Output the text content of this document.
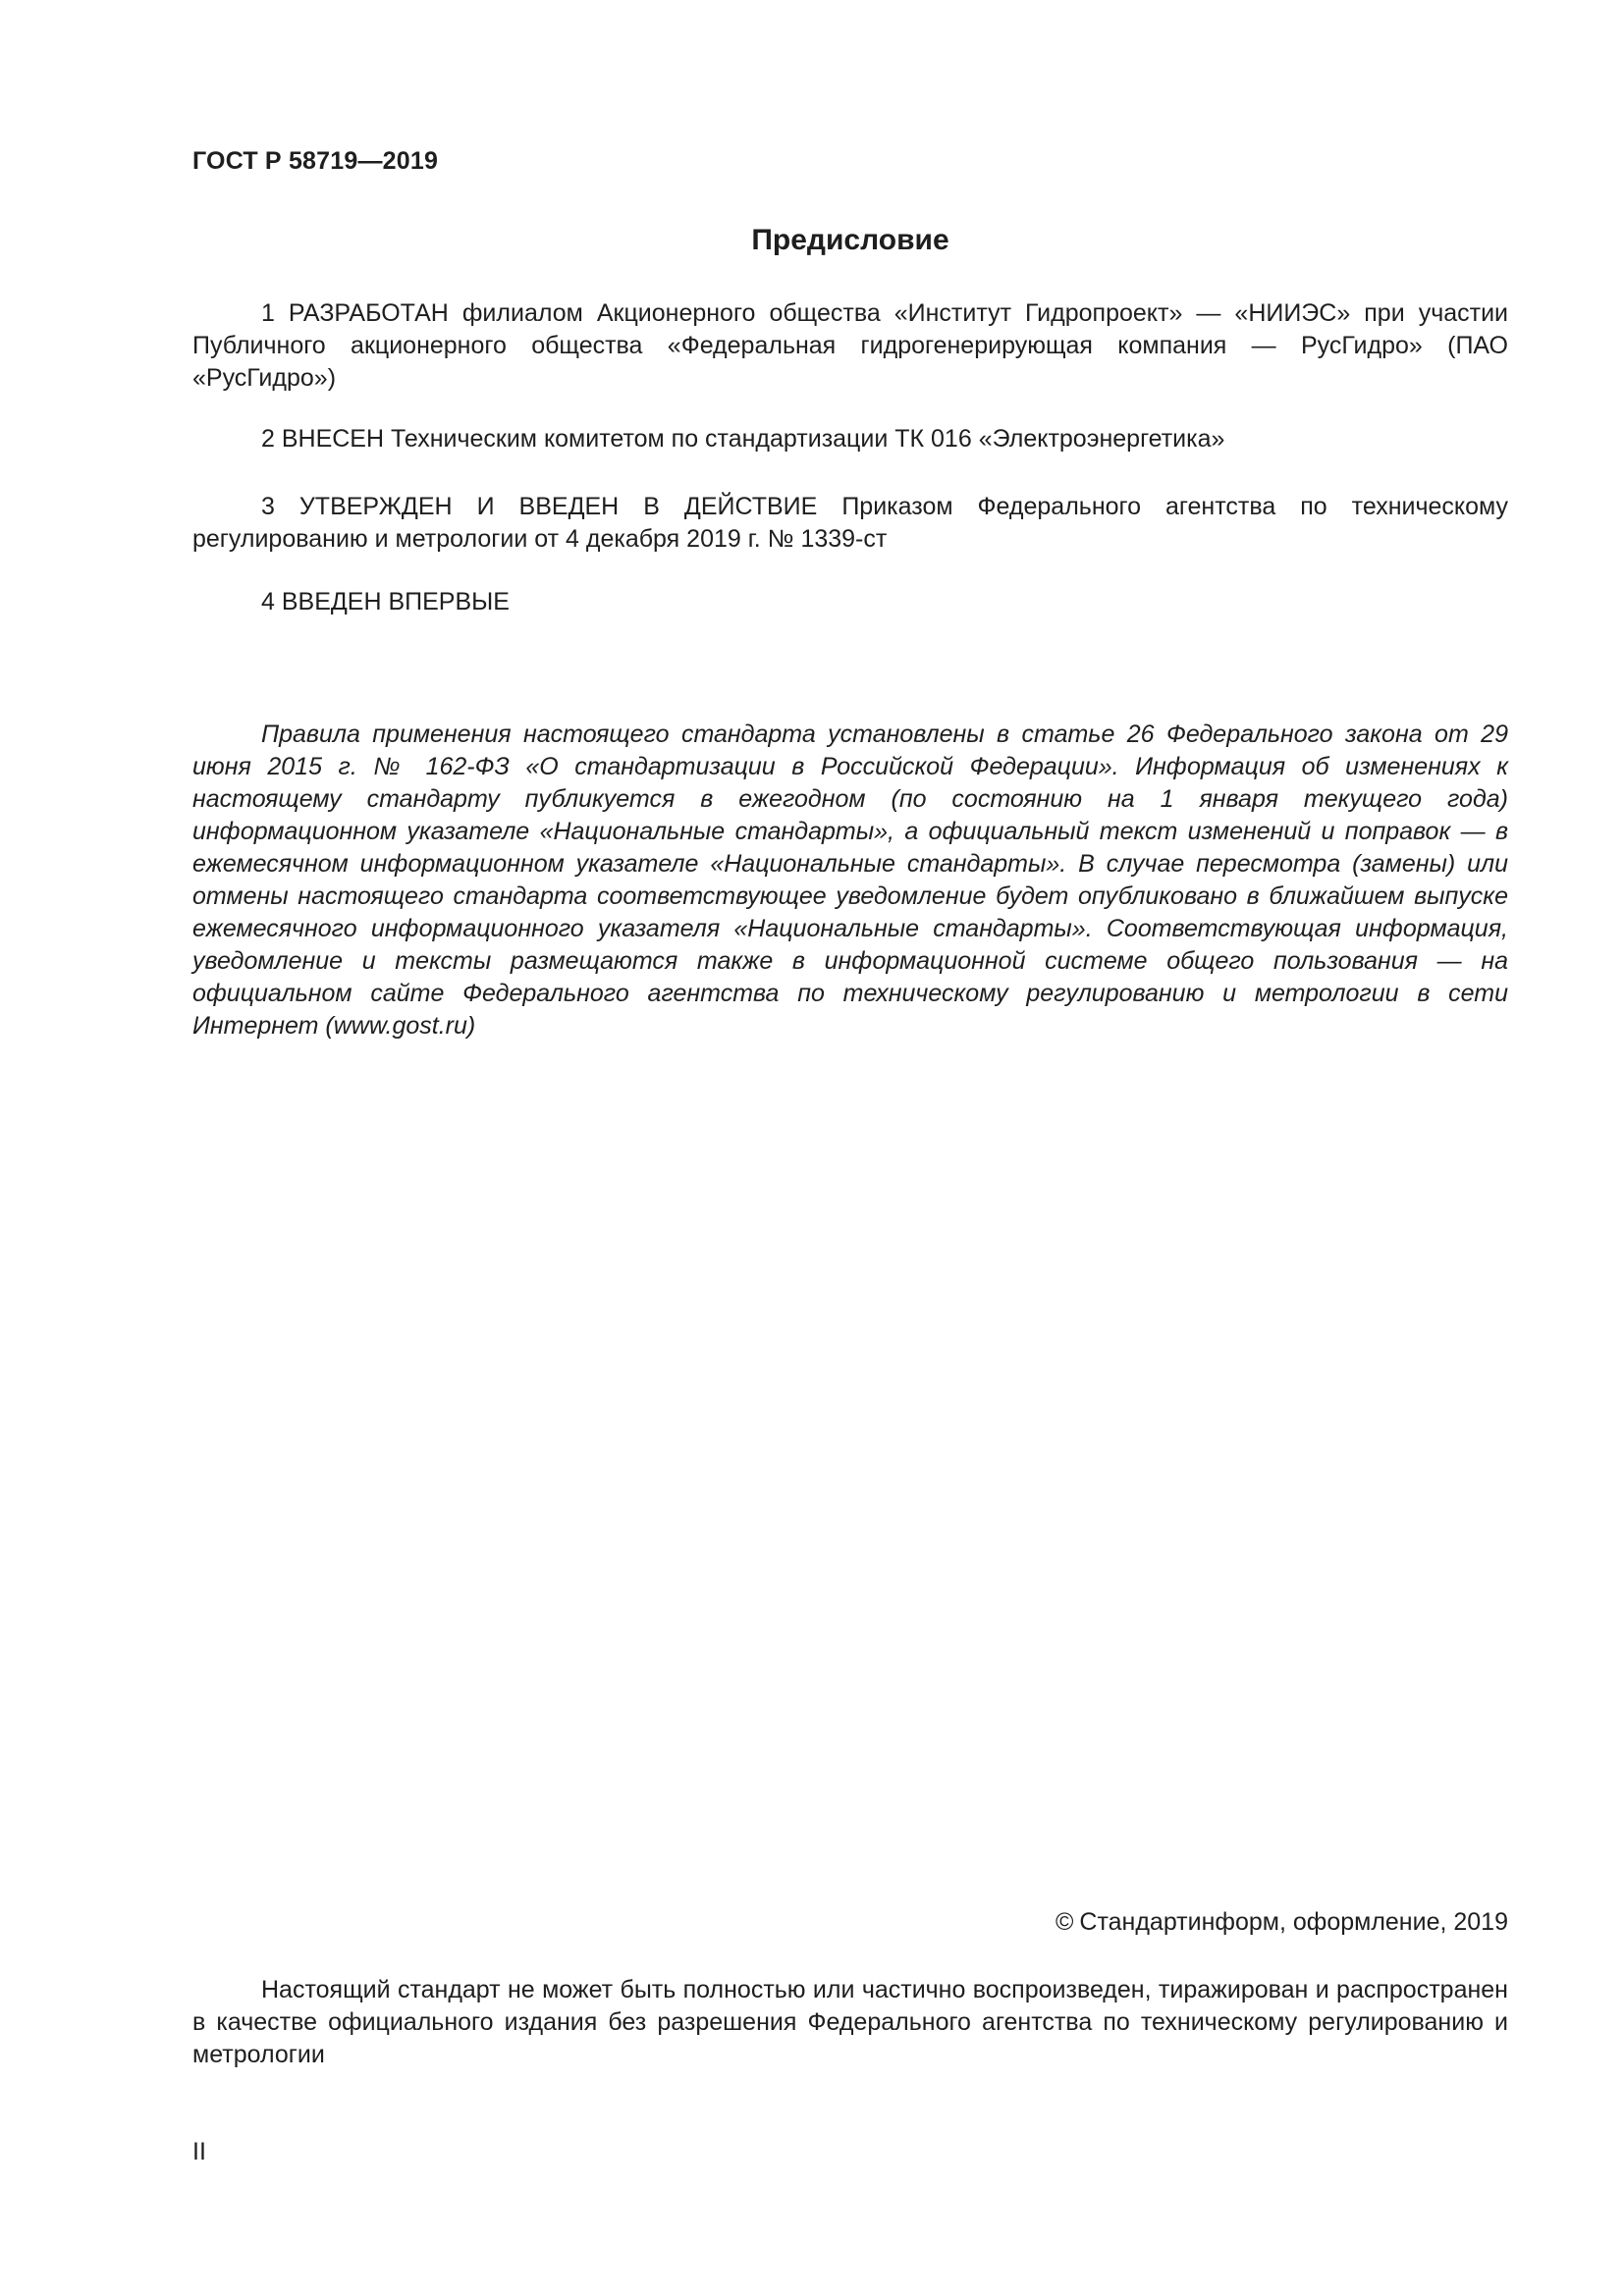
ГОСТ Р 58719—2019
Предисловие

1 РАЗРАБОТАН филиалом Акционерного общества «Институт Гидропроект» — «НИИЭС» при участии Публичного акционерного общества «Федеральная гидрогенерирующая компания — РусГидро» (ПАО «РусГидро»)

2 ВНЕСЕН Техническим комитетом по стандартизации ТК 016 «Электроэнергетика»

3 УТВЕРЖДЕН И ВВЕДЕН В ДЕЙСТВИЕ Приказом Федерального агентства по техническому регулированию и метрологии от 4 декабря 2019 г. № 1339-ст

4 ВВЕДЕН ВПЕРВЫЕ

Правила применения настоящего стандарта установлены в статье 26 Федерального закона от 29 июня 2015 г. № 162-ФЗ «О стандартизации в Российской Федерации». Информация об изменениях к настоящему стандарту публикуется в ежегодном (по состоянию на 1 января текущего года) информационном указателе «Национальные стандарты», а официальный текст изменений и поправок — в ежемесячном информационном указателе «Национальные стандарты». В случае пересмотра (замены) или отмены настоящего стандарта соответствующее уведомление будет опубликовано в ближайшем выпуске ежемесячного информационного указателя «Национальные стандарты». Соответствующая информация, уведомление и тексты размещаются также в информационной системе общего пользования — на официальном сайте Федерального агентства по техническому регулированию и метрологии в сети Интернет (www.gost.ru)

© Стандартинформ, оформление, 2019

Настоящий стандарт не может быть полностью или частично воспроизведен, тиражирован и распространен в качестве официального издания без разрешения Федерального агентства по техническому регулированию и метрологии

II
